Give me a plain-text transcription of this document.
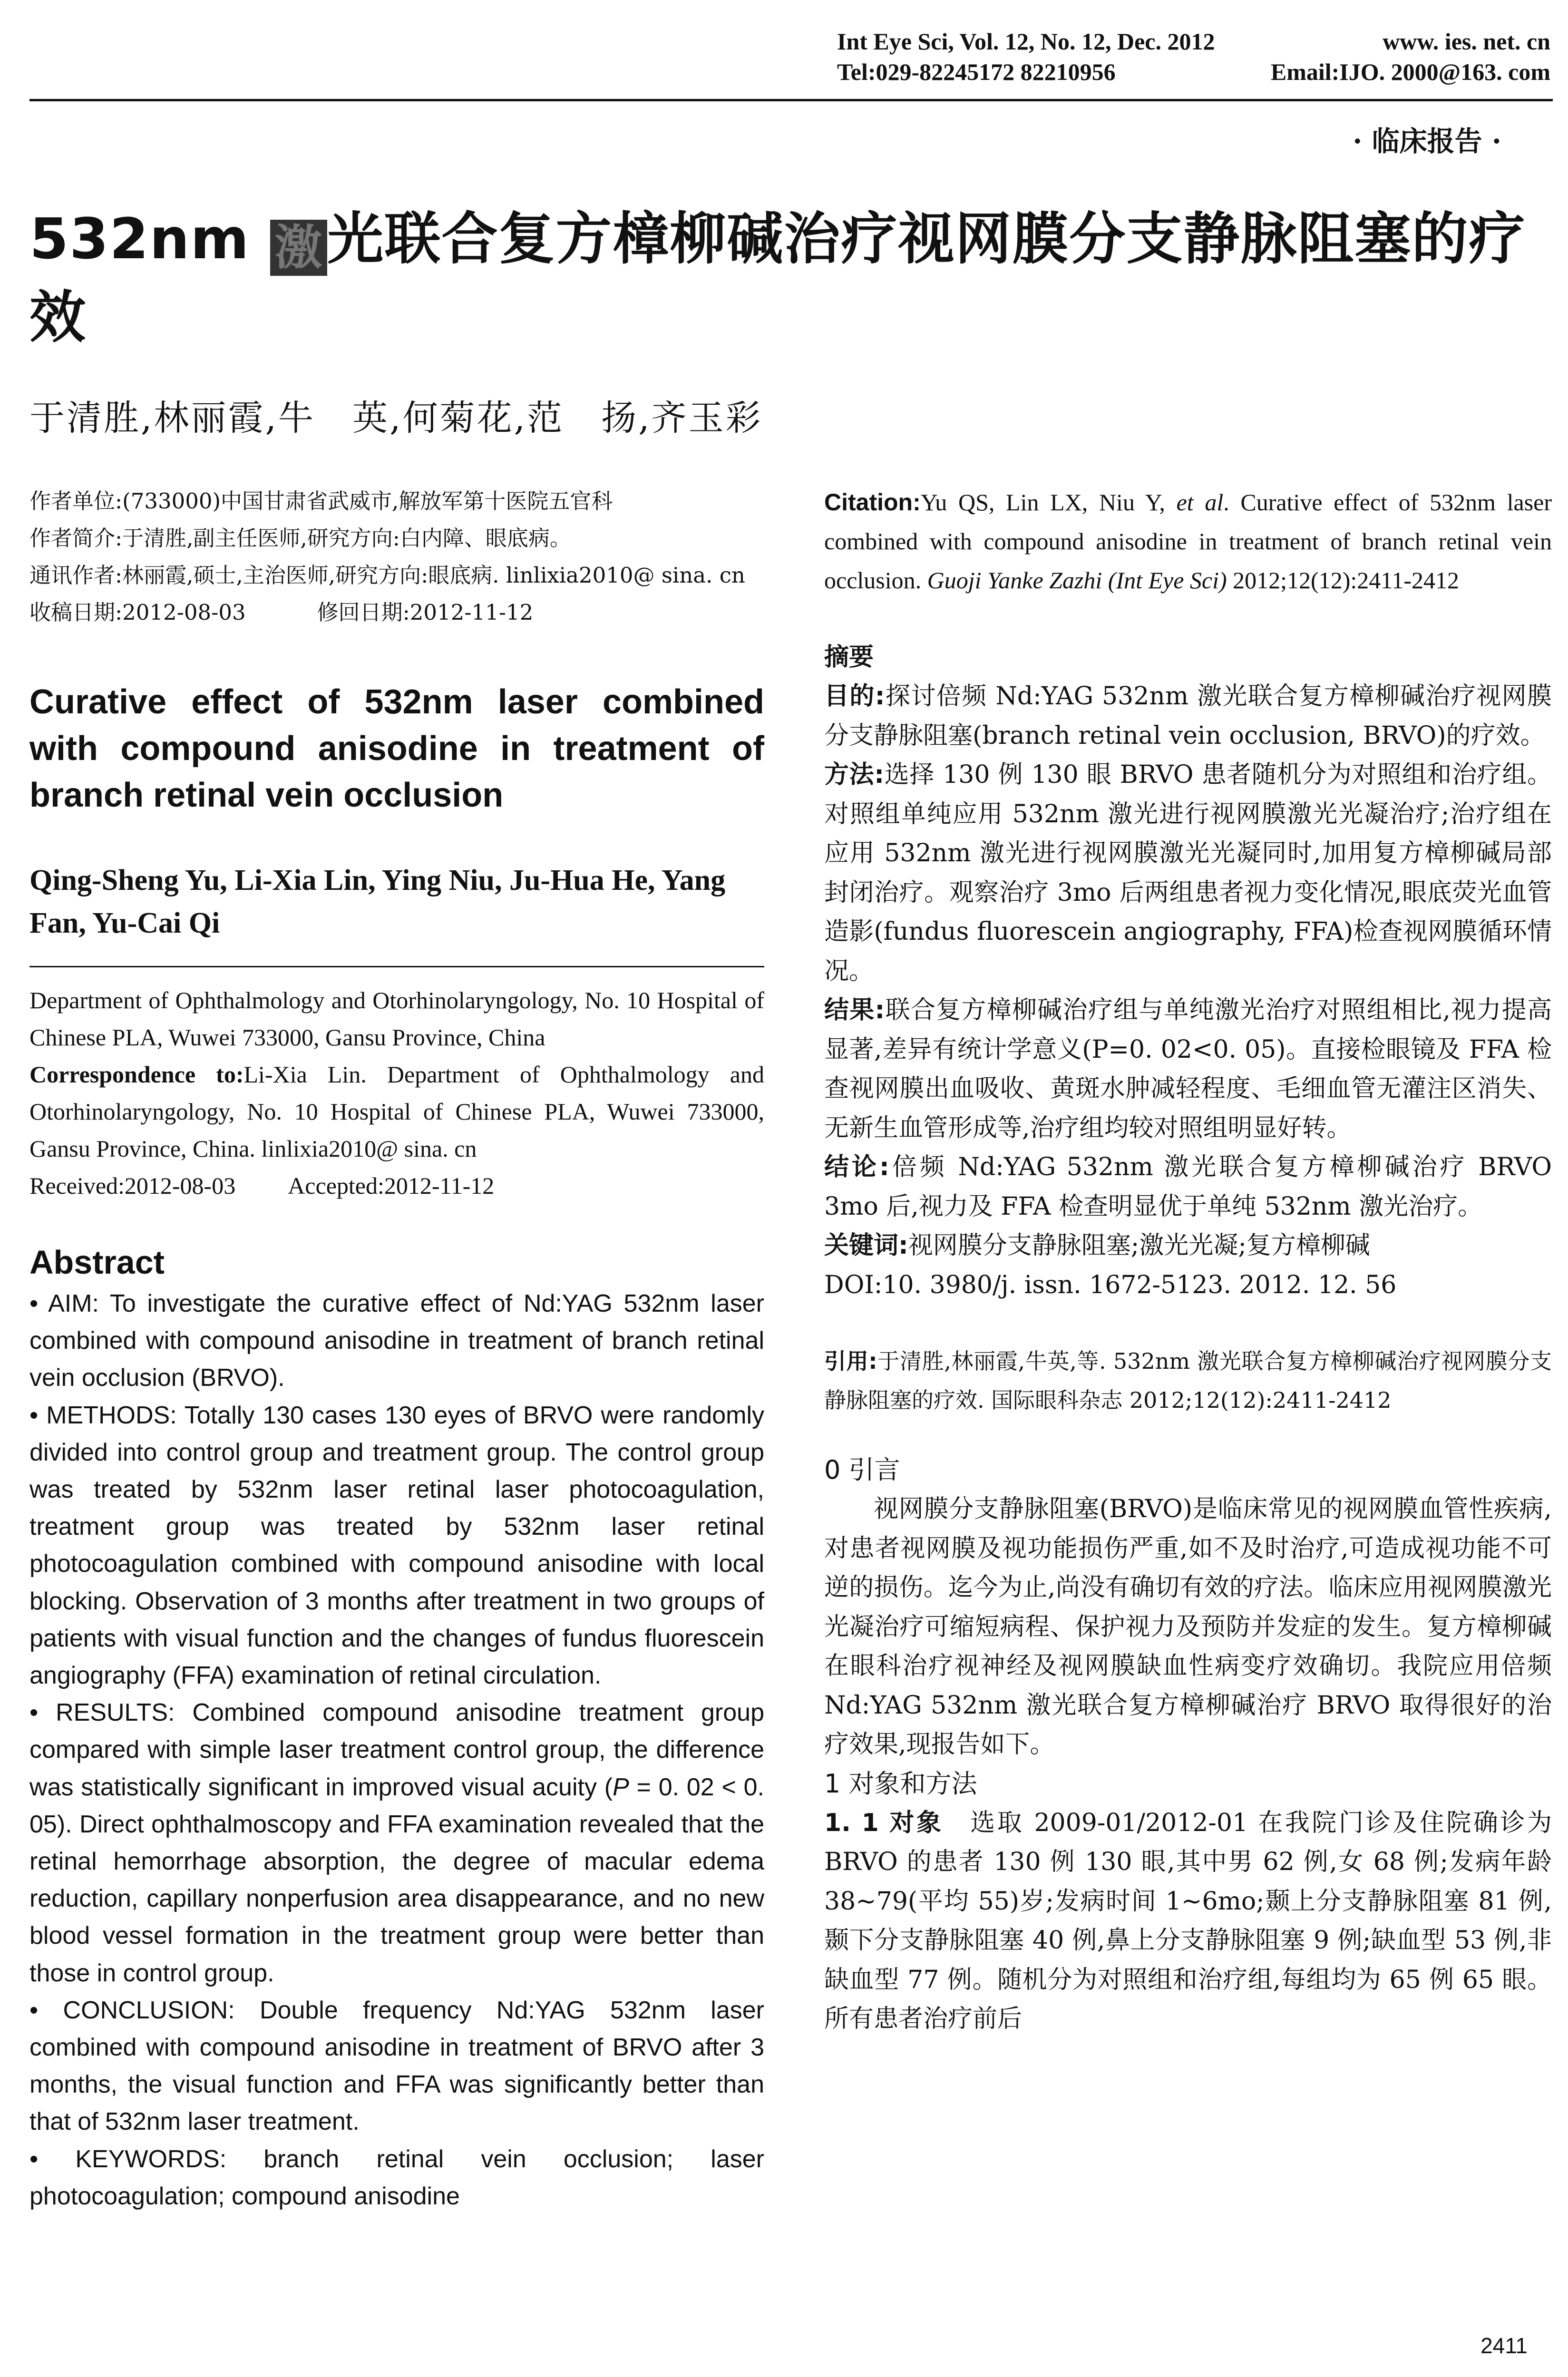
Int Eye Sci, Vol. 12, No. 12, Dec. 2012	www. ies. net. cn
Tel:029-82245172 82210956	Email:IJO. 2000@163. com
· 临床报告 ·
532nm 激光联合复方樟柳碱治疗视网膜分支静脉阻塞的疗效
于清胜,林丽霞,牛　英,何菊花,范　扬,齐玉彩

作者单位:(733000)中国甘肃省武威市,解放军第十医院五官科

作者简介:于清胜,副主任医师,研究方向:白内障、眼底病。

通讯作者:林丽霞,硕士,主治医师,研究方向:眼底病. linlixia2010@ sina. cn

收稿日期:2012-08-03	修回日期:2012-11-12
Curative effect of 532nm laser combined with compound anisodine in treatment of branch retinal vein occlusion
Qing-Sheng Yu, Li-Xia Lin, Ying Niu, Ju-Hua He, Yang Fan, Yu-Cai Qi

Department of Ophthalmology and Otorhinolaryngology, No. 10 Hospital of Chinese PLA, Wuwei 733000, Gansu Province, China

Correspondence to:Li-Xia Lin. Department of Ophthalmology and Otorhinolaryngology, No. 10 Hospital of Chinese PLA, Wuwei 733000, Gansu Province, China. linlixia2010@ sina. cn

Received:2012-08-03 Accepted:2012-11-12
Abstract

• AIM: To investigate the curative effect of Nd:YAG 532nm laser combined with compound anisodine in treatment of branch retinal vein occlusion (BRVO).

• METHODS: Totally 130 cases 130 eyes of BRVO were randomly divided into control group and treatment group. The control group was treated by 532nm laser retinal laser photocoagulation, treatment group was treated by 532nm laser retinal photocoagulation combined with compound anisodine with local blocking. Observation of 3 months after treatment in two groups of patients with visual function and the changes of fundus fluorescein angiography (FFA) examination of retinal circulation.

• RESULTS: Combined compound anisodine treatment group compared with simple laser treatment control group, the difference was statistically significant in improved visual acuity (P = 0. 02 < 0. 05). Direct ophthalmoscopy and FFA examination revealed that the retinal hemorrhage absorption, the degree of macular edema reduction, capillary nonperfusion area disappearance, and no new blood vessel formation in the treatment group were better than those in control group.

• CONCLUSION: Double frequency Nd:YAG 532nm laser combined with compound anisodine in treatment of BRVO after 3 months, the visual function and FFA was significantly better than that of 532nm laser treatment.

• KEYWORDS: branch retinal vein occlusion; laser photocoagulation; compound anisodine

Citation:Yu QS, Lin LX, Niu Y, et al. Curative effect of 532nm laser combined with compound anisodine in treatment of branch retinal vein occlusion. Guoji Yanke Zazhi (Int Eye Sci) 2012;12(12):2411-2412
摘要

目的:探讨倍频 Nd:YAG 532nm 激光联合复方樟柳碱治疗视网膜分支静脉阻塞(branch retinal vein occlusion, BRVO)的疗效。

方法:选择 130 例 130 眼 BRVO 患者随机分为对照组和治疗组。对照组单纯应用 532nm 激光进行视网膜激光光凝治疗;治疗组在应用 532nm 激光进行视网膜激光光凝同时,加用复方樟柳碱局部封闭治疗。观察治疗 3mo 后两组患者视力变化情况,眼底荧光血管造影(fundus fluorescein angiography, FFA)检查视网膜循环情况。

结果:联合复方樟柳碱治疗组与单纯激光治疗对照组相比,视力提高显著,差异有统计学意义(P=0. 02<0. 05)。直接检眼镜及 FFA 检查视网膜出血吸收、黄斑水肿减轻程度、毛细血管无灌注区消失、无新生血管形成等,治疗组均较对照组明显好转。

结论:倍频 Nd:YAG 532nm 激光联合复方樟柳碱治疗 BRVO 3mo 后,视力及 FFA 检查明显优于单纯 532nm 激光治疗。

关键词:视网膜分支静脉阻塞;激光光凝;复方樟柳碱

DOI:10. 3980/j. issn. 1672-5123. 2012. 12. 56

引用:于清胜,林丽霞,牛英,等. 532nm 激光联合复方樟柳碱治疗视网膜分支静脉阻塞的疗效. 国际眼科杂志 2012;12(12):2411-2412
0 引言

视网膜分支静脉阻塞(BRVO)是临床常见的视网膜血管性疾病,对患者视网膜及视功能损伤严重,如不及时治疗,可造成视功能不可逆的损伤。迄今为止,尚没有确切有效的疗法。临床应用视网膜激光光凝治疗可缩短病程、保护视力及预防并发症的发生。复方樟柳碱在眼科治疗视神经及视网膜缺血性病变疗效确切。我院应用倍频 Nd:YAG 532nm 激光联合复方樟柳碱治疗 BRVO 取得很好的治疗效果,现报告如下。

1 对象和方法

1. 1 对象　选取 2009-01/2012-01 在我院门诊及住院确诊为 BRVO 的患者 130 例 130 眼,其中男 62 例,女 68 例;发病年龄 38~79(平均 55)岁;发病时间 1~6mo;颞上分支静脉阻塞 81 例,颞下分支静脉阻塞 40 例,鼻上分支静脉阻塞 9 例;缺血型 53 例,非缺血型 77 例。随机分为对照组和治疗组,每组均为 65 例 65 眼。所有患者治疗前后

2411
